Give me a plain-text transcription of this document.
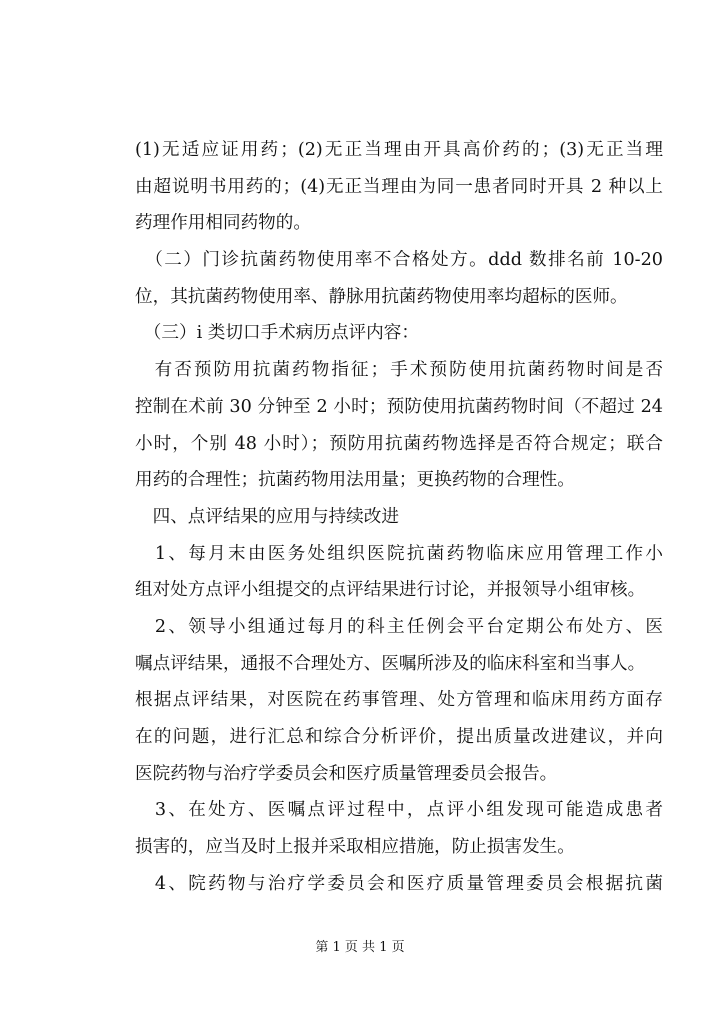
(1)无适应证用药；(2)无正当理由开具高价药的；(3)无正当理
由超说明书用药的；(4)无正当理由为同一患者同时开具 2 种以上
药理作用相同药物的。
　（二）门诊抗菌药物使用率不合格处方。ddd 数排名前 10-20
位，其抗菌药物使用率、静脉用抗菌药物使用率均超标的医师。
　（三）i 类切口手术病历点评内容：
　有否预防用抗菌药物指征；手术预防使用抗菌药物时间是否
控制在术前 30 分钟至 2 小时；预防使用抗菌药物时间（不超过 24
小时，个别 48 小时）；预防用抗菌药物选择是否符合规定；联合
用药的合理性；抗菌药物用法用量；更换药物的合理性。
　四、点评结果的应用与持续改进
　1、每月末由医务处组织医院抗菌药物临床应用管理工作小
组对处方点评小组提交的点评结果进行讨论，并报领导小组审核。
　2、领导小组通过每月的科主任例会平台定期公布处方、医
嘱点评结果，通报不合理处方、医嘱所涉及的临床科室和当事人。
根据点评结果，对医院在药事管理、处方管理和临床用药方面存
在的问题，进行汇总和综合分析评价，提出质量改进建议，并向
医院药物与治疗学委员会和医疗质量管理委员会报告。
　3、在处方、医嘱点评过程中，点评小组发现可能造成患者
损害的，应当及时上报并采取相应措施，防止损害发生。
　4、院药物与治疗学委员会和医疗质量管理委员会根据抗菌
第 1 页 共 1 页
